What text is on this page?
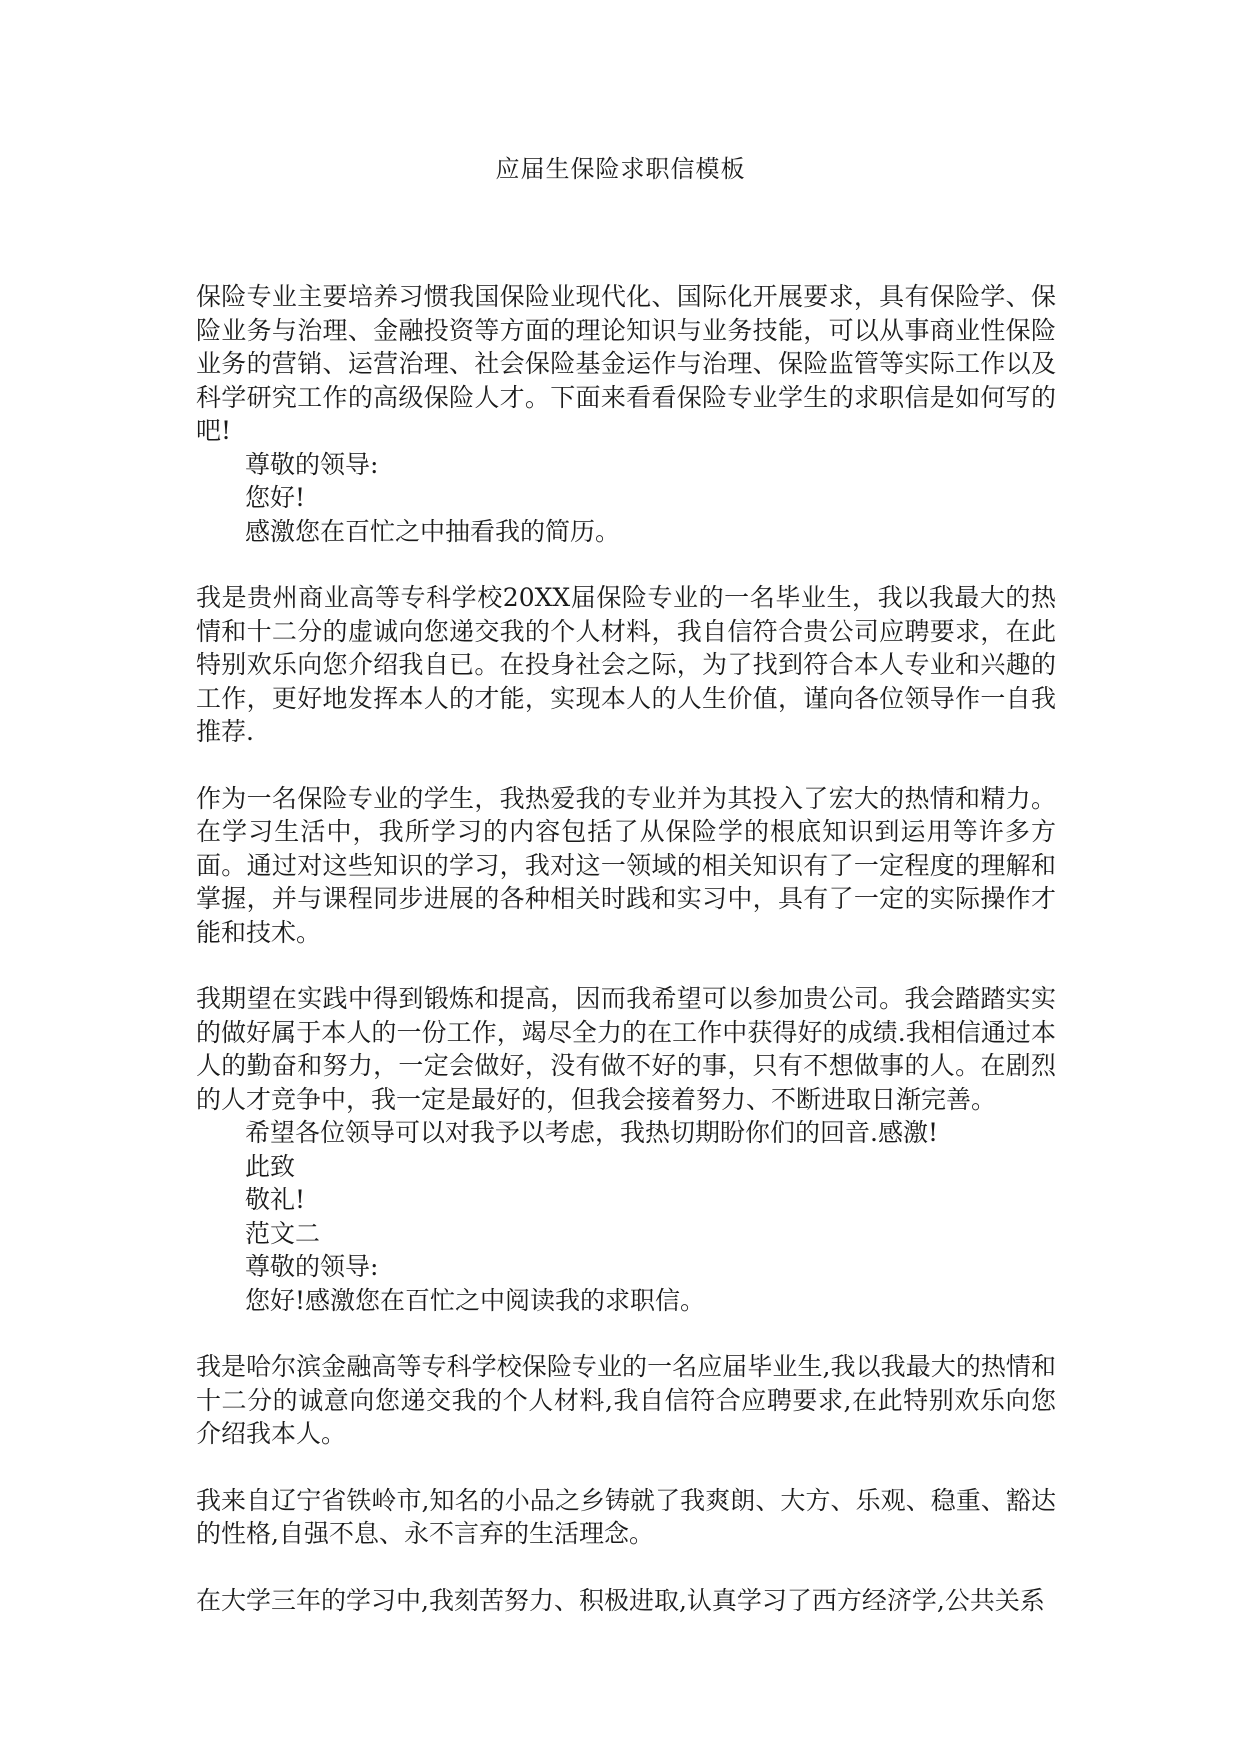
应届生保险求职信模板

保险专业主要培养习惯我国保险业现代化、国际化开展要求，具有保险学、保险业务与治理、金融投资等方面的理论知识与业务技能，可以从事商业性保险业务的营销、运营治理、社会保险基金运作与治理、保险监管等实际工作以及科学研究工作的高级保险人才。下面来看看保险专业学生的求职信是如何写的吧!

尊敬的领导:

您好!

感激您在百忙之中抽看我的简历。

我是贵州商业高等专科学校20XX届保险专业的一名毕业生，我以我最大的热情和十二分的虚诚向您递交我的个人材料，我自信符合贵公司应聘要求，在此特别欢乐向您介绍我自已。在投身社会之际，为了找到符合本人专业和兴趣的工作，更好地发挥本人的才能，实现本人的人生价值，谨向各位领导作一自我推荐.

作为一名保险专业的学生，我热爱我的专业并为其投入了宏大的热情和精力。在学习生活中，我所学习的内容包括了从保险学的根底知识到运用等许多方面。通过对这些知识的学习，我对这一领域的相关知识有了一定程度的理解和掌握，并与课程同步进展的各种相关时践和实习中，具有了一定的实际操作才能和技术。

我期望在实践中得到锻炼和提高，因而我希望可以参加贵公司。我会踏踏实实的做好属于本人的一份工作，竭尽全力的在工作中获得好的成绩.我相信通过本人的勤奋和努力，一定会做好，没有做不好的事，只有不想做事的人。在剧烈的人才竞争中，我一定是最好的，但我会接着努力、不断进取日渐完善。

希望各位领导可以对我予以考虑，我热切期盼你们的回音.感激!

此致

敬礼!

范文二

尊敬的领导:

您好!感激您在百忙之中阅读我的求职信。

我是哈尔滨金融高等专科学校保险专业的一名应届毕业生,我以我最大的热情和十二分的诚意向您递交我的个人材料,我自信符合应聘要求,在此特别欢乐向您介绍我本人。

我来自辽宁省铁岭市,知名的小品之乡铸就了我爽朗、大方、乐观、稳重、豁达的性格,自强不息、永不言弃的生活理念。

在大学三年的学习中,我刻苦努力、积极进取,认真学习了西方经济学,公共关系
